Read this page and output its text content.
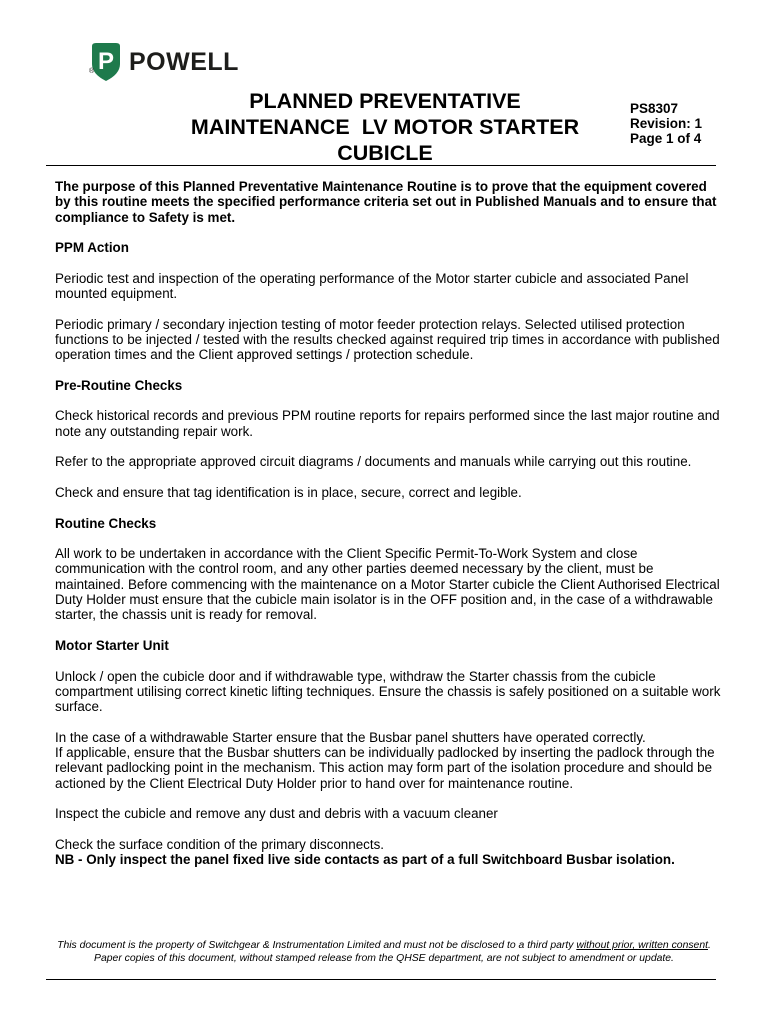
P
® POWELL
PLANNED PREVENTATIVE
MAINTENANCE  LV MOTOR STARTER
CUBICLE
PS8307
Revision: 1
Page 1 of 4

The purpose of this Planned Preventative Maintenance Routine is to prove that the equipment covered by this routine meets the specified performance criteria set out in Published Manuals and to ensure that compliance to Safety is met.

PPM Action

Periodic test and inspection of the operating performance of the Motor starter cubicle and associated Panel mounted equipment.

Periodic primary / secondary injection testing of motor feeder protection relays. Selected utilised protection functions to be injected / tested with the results checked against required trip times in accordance with published operation times and the Client approved settings / protection schedule.

Pre-Routine Checks

Check historical records and previous PPM routine reports for repairs performed since the last major routine and note any outstanding repair work.

Refer to the appropriate approved circuit diagrams / documents and manuals while carrying out this routine.

Check and ensure that tag identification is in place, secure, correct and legible.

Routine Checks

All work to be undertaken in accordance with the Client Specific Permit-To-Work System and close communication with the control room, and any other parties deemed necessary by the client, must be maintained. Before commencing with the maintenance on a Motor Starter cubicle the Client Authorised Electrical Duty Holder must ensure that the cubicle main isolator is in the OFF position and, in the case of a withdrawable starter, the chassis unit is ready for removal.

Motor Starter Unit

Unlock / open the cubicle door and if withdrawable type, withdraw the Starter chassis from the cubicle compartment utilising correct kinetic lifting techniques. Ensure the chassis is safely positioned on a suitable work surface.

In the case of a withdrawable Starter ensure that the Busbar panel shutters have operated correctly.

If applicable, ensure that the Busbar shutters can be individually padlocked by inserting the padlock through the relevant padlocking point in the mechanism. This action may form part of the isolation procedure and should be actioned by the Client Electrical Duty Holder prior to hand over for maintenance routine.

Inspect the cubicle and remove any dust and debris with a vacuum cleaner

Check the surface condition of the primary disconnects.

NB - Only inspect the panel fixed live side contacts as part of a full Switchboard Busbar isolation.

This document is the property of Switchgear & Instrumentation Limited and must not be disclosed to a third party without prior, written consent. Paper copies of this document, without stamped release from the QHSE department, are not subject to amendment or update.
